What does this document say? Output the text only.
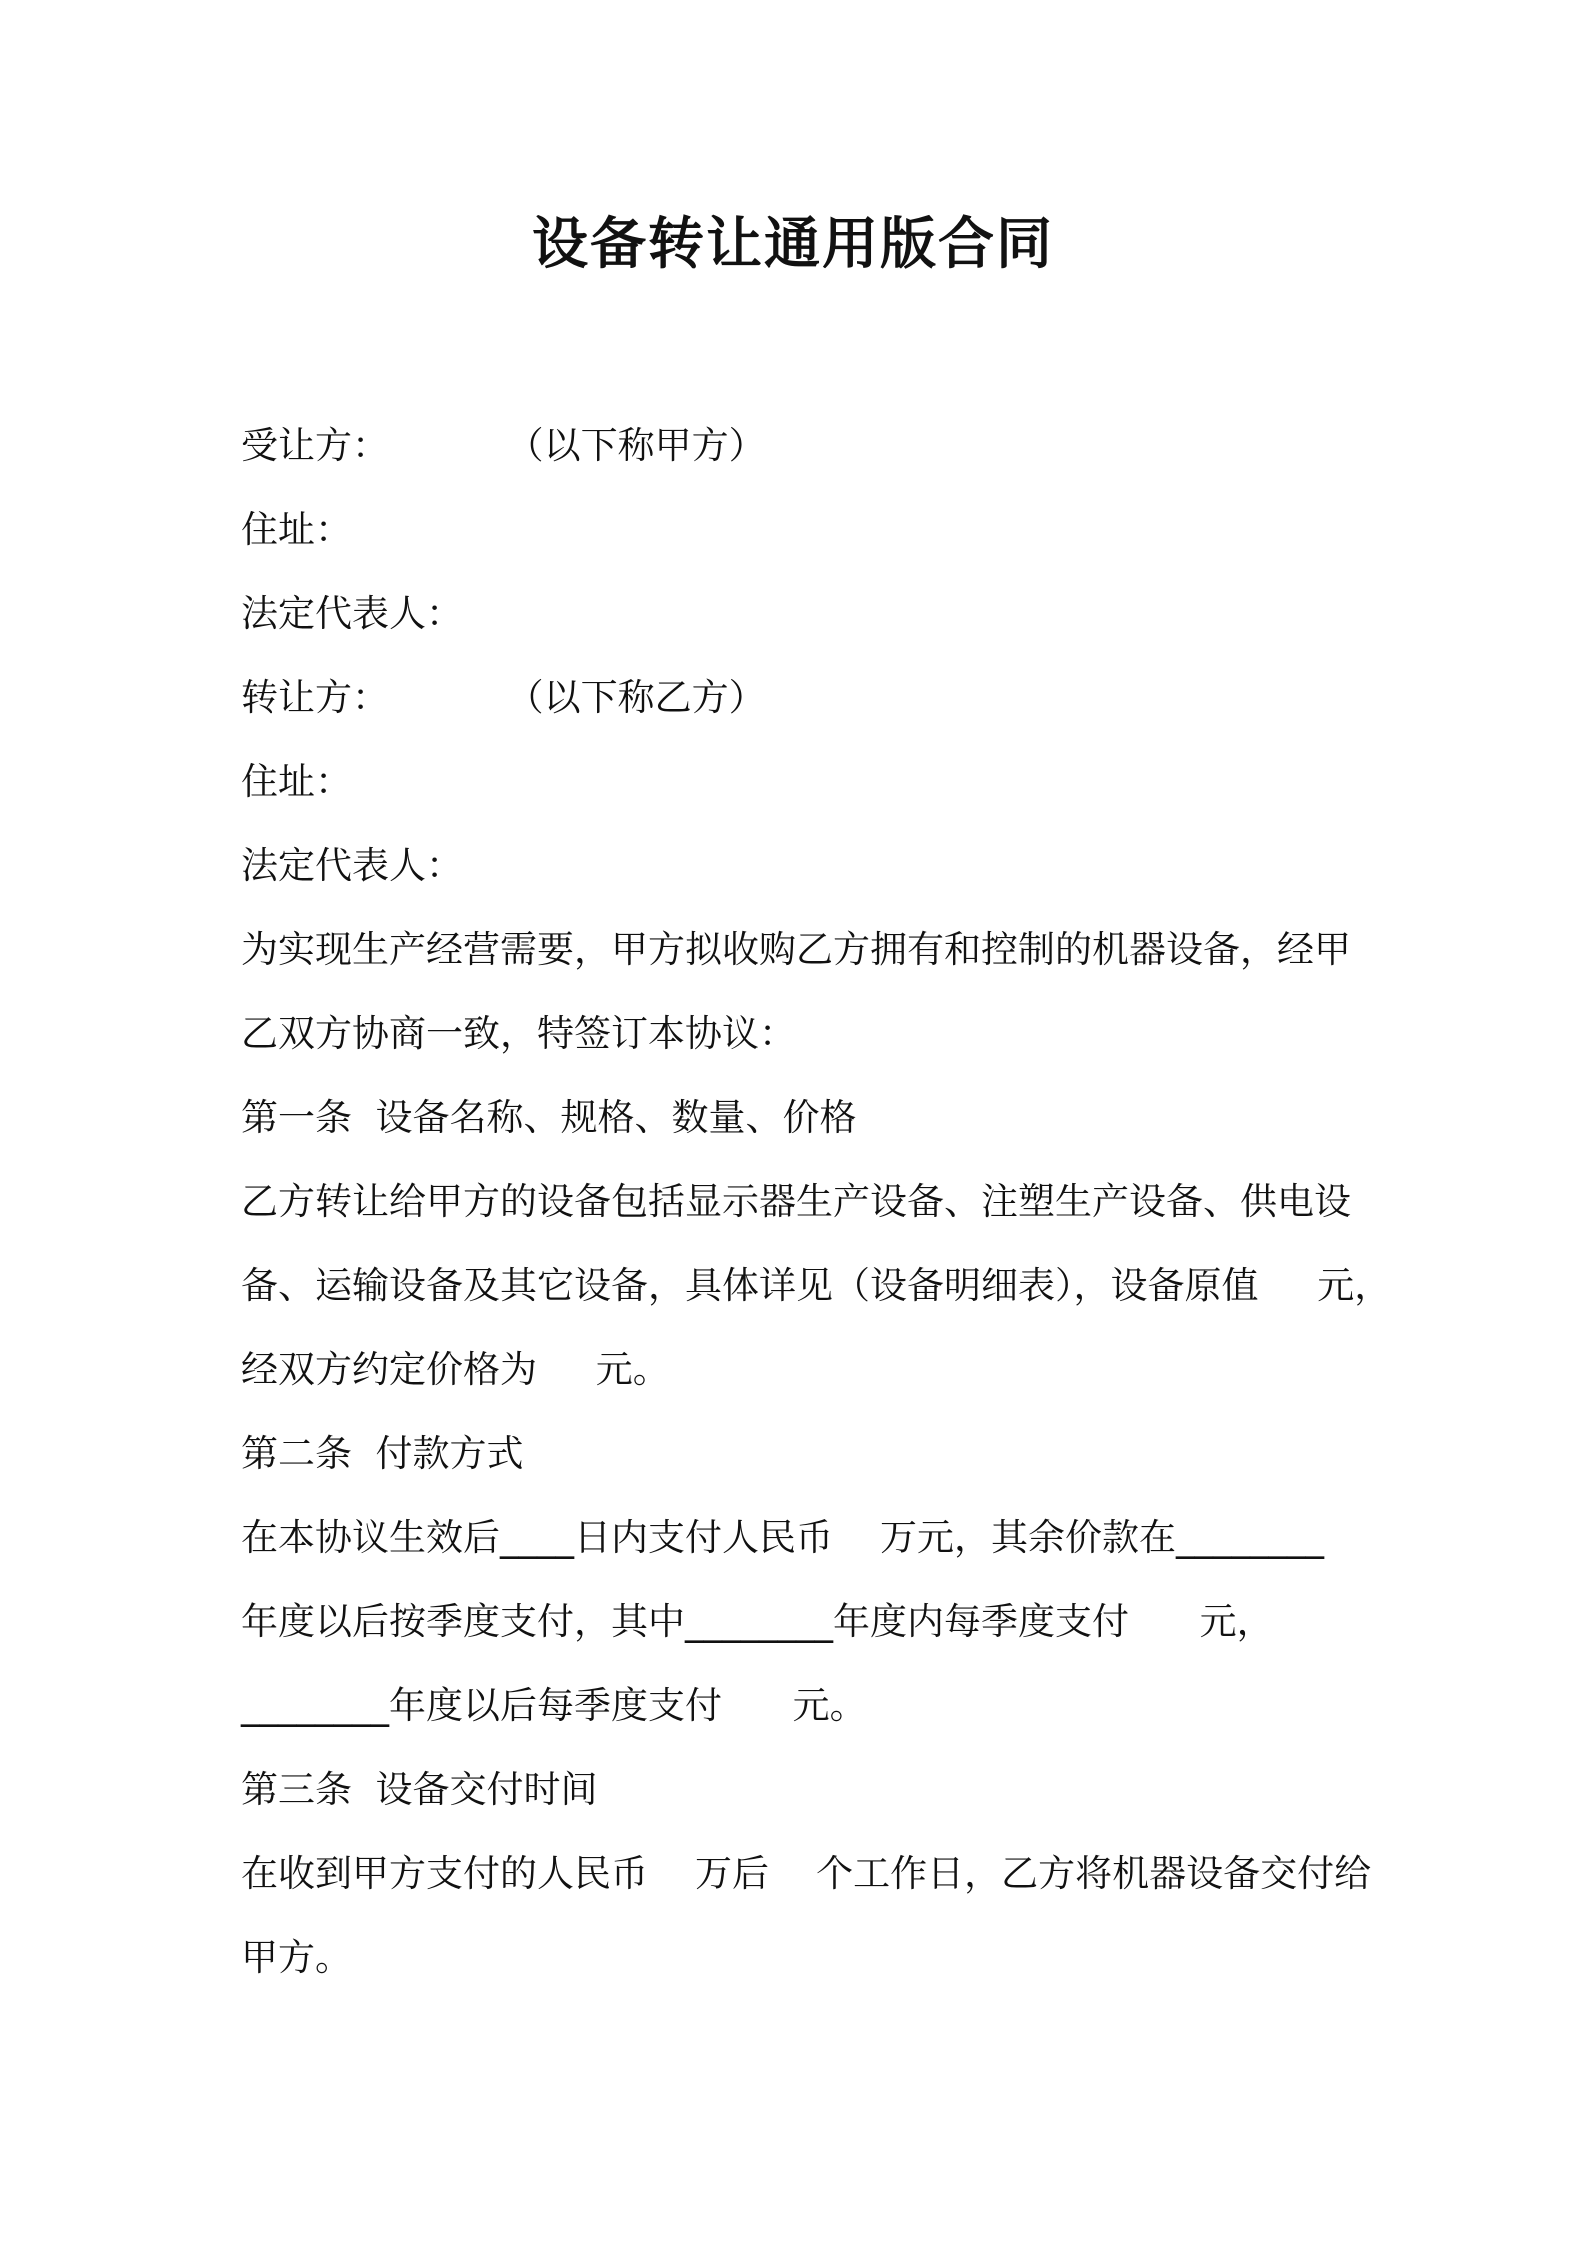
设备转让通用版合同
受让方：          （以下称甲方）
住址：
法定代表人：
转让方：          （以下称乙方）
住址：
法定代表人：
为实现生产经营需要，甲方拟收购乙方拥有和控制的机器设备，经甲
乙双方协商一致，特签订本协议：
第一条  设备名称、规格、数量、价格
乙方转让给甲方的设备包括显示器生产设备、注塑生产设备、供电设
备、运输设备及其它设备，具体详见（设备明细表），设备原值     元，
经双方约定价格为     元。
第二条  付款方式
在本协议生效后____日内支付人民币    万元，其余价款在________
年度以后按季度支付，其中________年度内每季度支付      元，
________年度以后每季度支付      元。
第三条  设备交付时间
在收到甲方支付的人民币    万后    个工作日，乙方将机器设备交付给
甲方。
